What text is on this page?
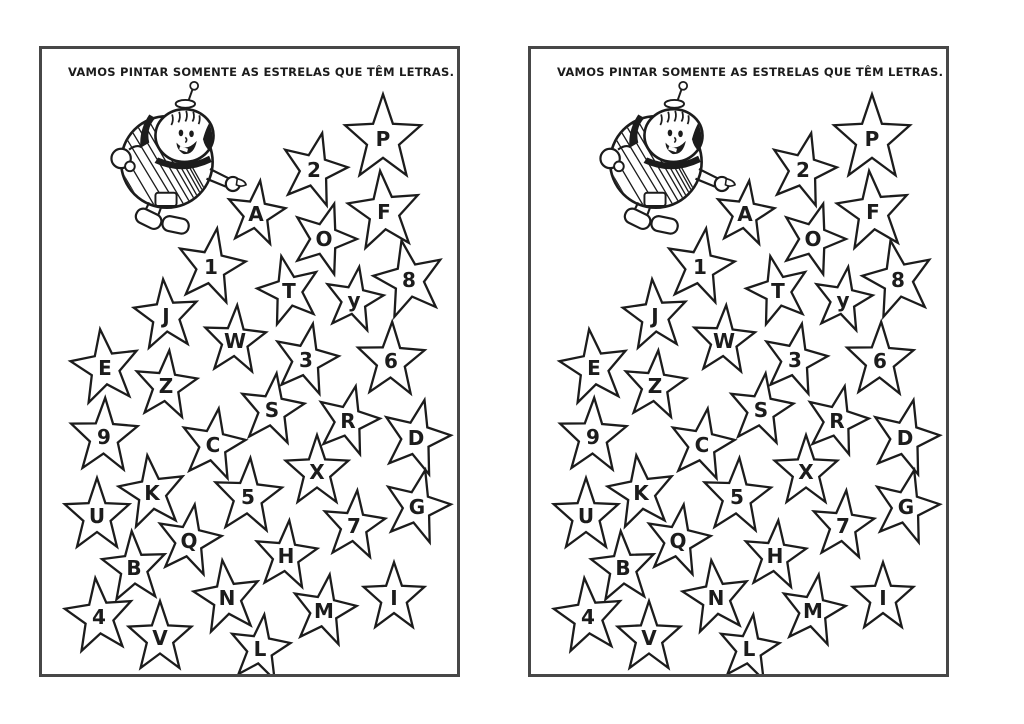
VAMOS PINTAR SOMENTE AS ESTRELAS QUE TÊM LETRAS.
P
2
A	F
O
1
T	y
8
J
W
3	6
E
Z
S	R
9	C	D
X
K	5	G
U	7
Q
B	H
N	I
M
4
V	L
VAMOS PINTAR SOMENTE AS ESTRELAS QUE TÊM LETRAS.
P
2
A	F
O
1
T	y
8
J
W
3	6
E
Z
S	R
9	C	D
X
K	5	G
U	7
Q
B	H
N	I
M
4
V	L
